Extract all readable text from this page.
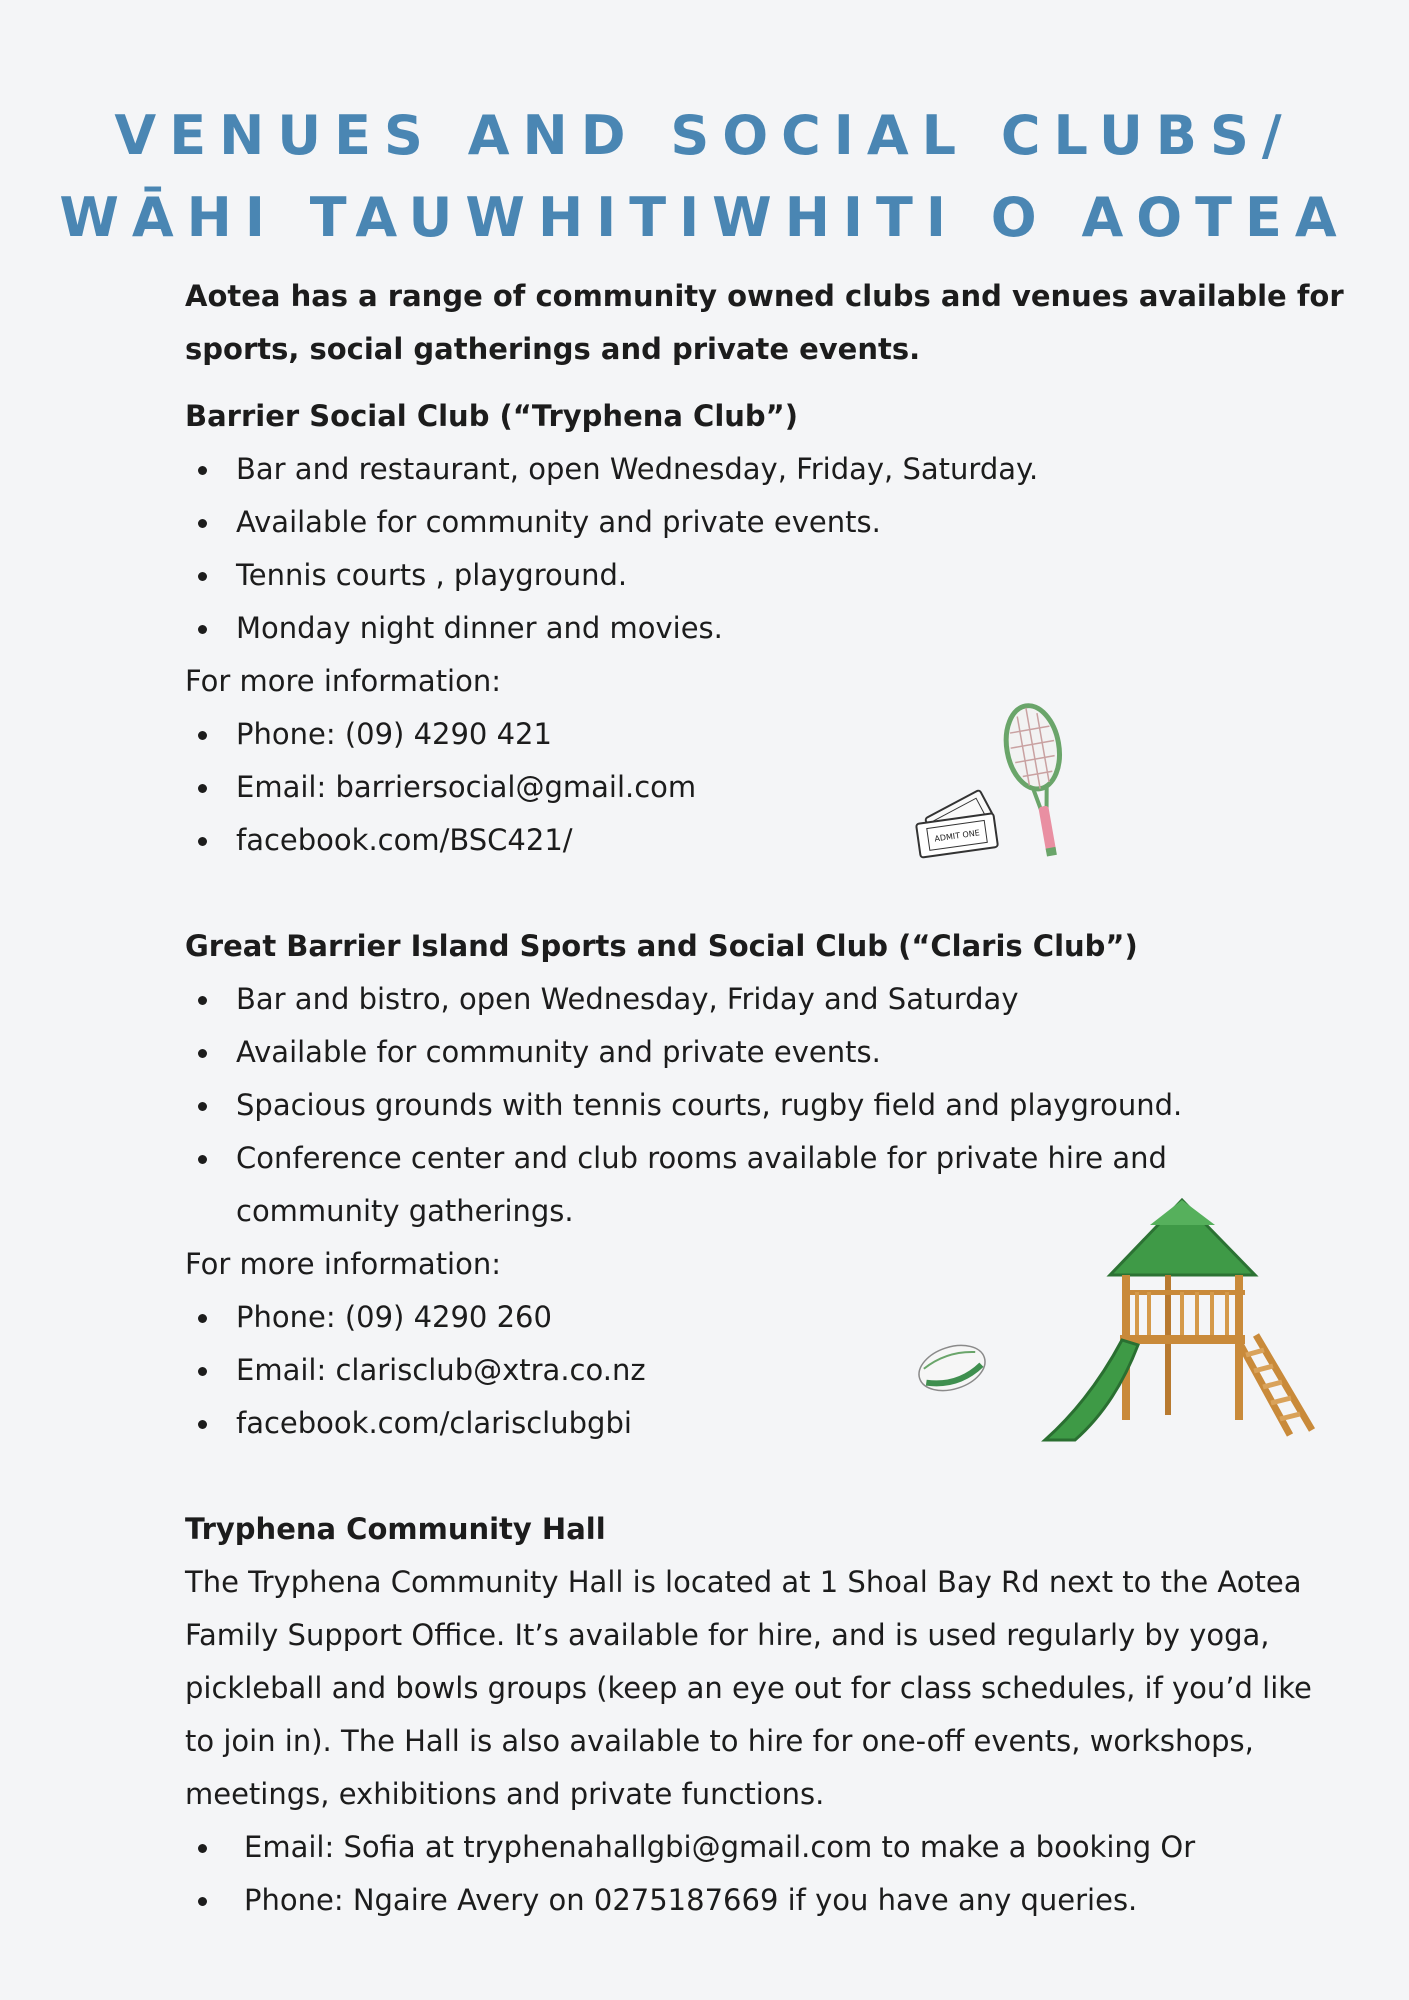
VENUES AND SOCIAL CLUBS/
WĀHI TAUWHITIWHITI O AOTEA

Aotea has a range of community owned clubs and venues available for sports, social gatherings and private events.

Barrier Social Club (“Tryphena Club”)

Bar and restaurant, open Wednesday, Friday, Saturday.
Available for community and private events.
Tennis courts , playground.
Monday night dinner and movies.

For more information:

Phone: (09) 4290 421
Email: barriersocial@gmail.com
facebook.com/BSC421/

Great Barrier Island Sports and Social Club (“Claris Club”)

Bar and bistro, open Wednesday, Friday and Saturday
Available for community and private events.
Spacious grounds with tennis courts, rugby field and playground.
Conference center and club rooms available for private hire and community gatherings.

For more information:

Phone: (09) 4290 260
Email: clarisclub@xtra.co.nz
facebook.com/clarisclubgbi

Tryphena Community Hall

The Tryphena Community Hall is located at 1 Shoal Bay Rd next to the Aotea Family Support Office. It’s available for hire, and is used regularly by yoga, pickleball and bowls groups (keep an eye out for class schedules, if you’d like to join in). The Hall is also available to hire for one-off events, workshops, meetings, exhibitions and private functions.

Email: Sofia at tryphenahallgbi@gmail.com to make a booking Or
Phone: Ngaire Avery on 0275187669 if you have any queries.
ADMIT ONE
